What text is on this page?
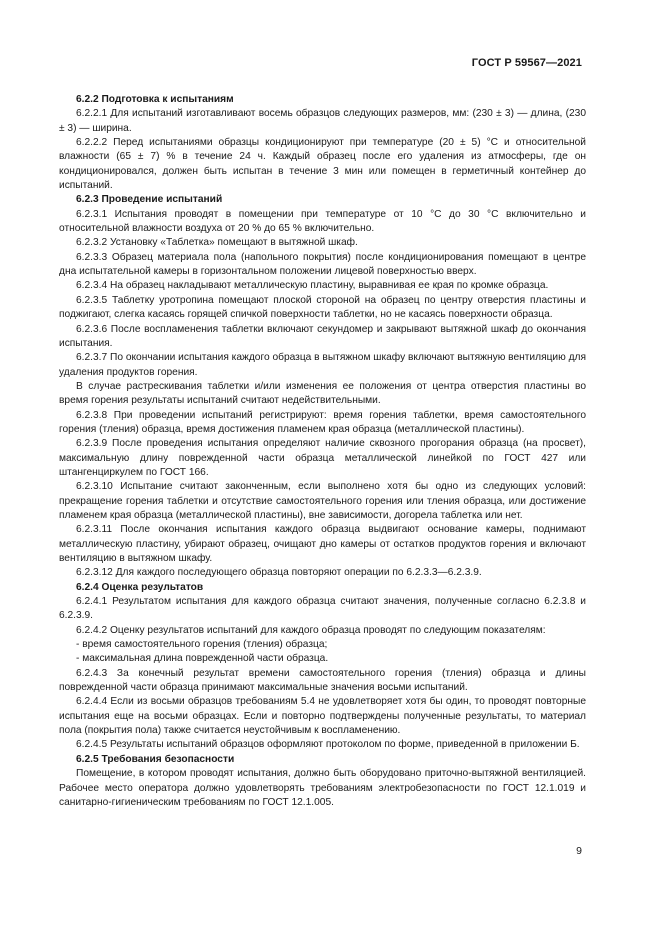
ГОСТ Р 59567—2021

6.2.2 Подготовка к испытаниям

6.2.2.1 Для испытаний изготавливают восемь образцов следующих размеров, мм: (230 ± 3) — длина, (230 ± 3) — ширина.

6.2.2.2 Перед испытаниями образцы кондиционируют при температуре (20 ± 5) °С и относительной влажности (65 ± 7) % в течение 24 ч. Каждый образец после его удаления из атмосферы, где он кондиционировался, должен быть испытан в течение 3 мин или помещен в герметичный контейнер до испытаний.

6.2.3 Проведение испытаний

6.2.3.1 Испытания проводят в помещении при температуре от 10 °С до 30 °С включительно и относительной влажности воздуха от 20 % до 65 % включительно.

6.2.3.2 Установку «Таблетка» помещают в вытяжной шкаф.

6.2.3.3 Образец материала пола (напольного покрытия) после кондиционирования помещают в центре дна испытательной камеры в горизонтальном положении лицевой поверхностью вверх.

6.2.3.4 На образец накладывают металлическую пластину, выравнивая ее края по кромке образца.

6.2.3.5 Таблетку уротропина помещают плоской стороной на образец по центру отверстия пластины и поджигают, слегка касаясь горящей спичкой поверхности таблетки, но не касаясь поверхности образца.

6.2.3.6 После воспламенения таблетки включают секундомер и закрывают вытяжной шкаф до окончания испытания.

6.2.3.7 По окончании испытания каждого образца в вытяжном шкафу включают вытяжную вентиляцию для удаления продуктов горения.

В случае растрескивания таблетки и/или изменения ее положения от центра отверстия пластины во время горения результаты испытаний считают недействительными.

6.2.3.8 При проведении испытаний регистрируют: время горения таблетки, время самостоятельного горения (тления) образца, время достижения пламенем края образца (металлической пластины).

6.2.3.9 После проведения испытания определяют наличие сквозного прогорания образца (на просвет), максимальную длину поврежденной части образца металлической линейкой по ГОСТ 427 или штангенциркулем по ГОСТ 166.

6.2.3.10 Испытание считают законченным, если выполнено хотя бы одно из следующих условий: прекращение горения таблетки и отсутствие самостоятельного горения или тления образца, или достижение пламенем края образца (металлической пластины), вне зависимости, догорела таблетка или нет.

6.2.3.11 После окончания испытания каждого образца выдвигают основание камеры, поднимают металлическую пластину, убирают образец, очищают дно камеры от остатков продуктов горения и включают вентиляцию в вытяжном шкафу.

6.2.3.12 Для каждого последующего образца повторяют операции по 6.2.3.3—6.2.3.9.

6.2.4 Оценка результатов

6.2.4.1 Результатом испытания для каждого образца считают значения, полученные согласно 6.2.3.8 и 6.2.3.9.

6.2.4.2 Оценку результатов испытаний для каждого образца проводят по следующим показателям:

- время самостоятельного горения (тления) образца;

- максимальная длина поврежденной части образца.

6.2.4.3 За конечный результат времени самостоятельного горения (тления) образца и длины поврежденной части образца принимают максимальные значения восьми испытаний.

6.2.4.4 Если из восьми образцов требованиям 5.4 не удовлетворяет хотя бы один, то проводят повторные испытания еще на восьми образцах. Если и повторно подтверждены полученные результаты, то материал пола (покрытия пола) также считается неустойчивым к воспламенению.

6.2.4.5 Результаты испытаний образцов оформляют протоколом по форме, приведенной в приложении Б.

6.2.5 Требования безопасности

Помещение, в котором проводят испытания, должно быть оборудовано приточно-вытяжной вентиляцией. Рабочее место оператора должно удовлетворять требованиям электробезопасности по ГОСТ 12.1.019 и санитарно-гигиеническим требованиям по ГОСТ 12.1.005.

9
